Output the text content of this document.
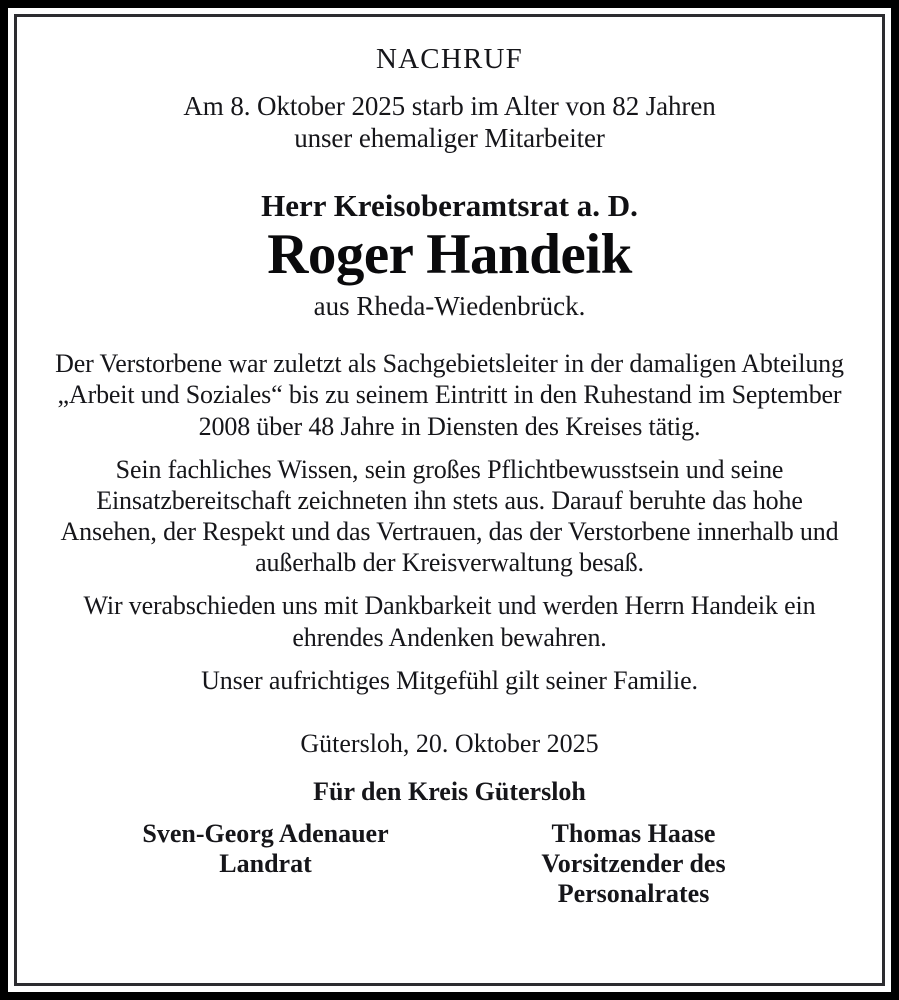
NACHRUF
Am 8. Oktober 2025 starb im Alter von 82 Jahren
unser ehemaliger Mitarbeiter
Herr Kreisoberamtsrat a. D.
Roger Handeik
aus Rheda-Wiedenbrück.
Der Verstorbene war zuletzt als Sachgebietsleiter in der damaligen Abteilung „Arbeit und Soziales“ bis zu seinem Eintritt in den Ruhestand im September 2008 über 48 Jahre in Diensten des Kreises tätig.
Sein fachliches Wissen, sein großes Pflichtbewusstsein und seine Einsatzbereitschaft zeichneten ihn stets aus. Darauf beruhte das hohe Ansehen, der Respekt und das Vertrauen, das der Verstorbene innerhalb und außerhalb der Kreisverwaltung besaß.
Wir verabschieden uns mit Dankbarkeit und werden Herrn Handeik ein ehrendes Andenken bewahren.
Unser aufrichtiges Mitgefühl gilt seiner Familie.
Gütersloh, 20. Oktober 2025
Für den Kreis Gütersloh
Sven-Georg Adenauer
Landrat
Thomas Haase
Vorsitzender des Personalrates
